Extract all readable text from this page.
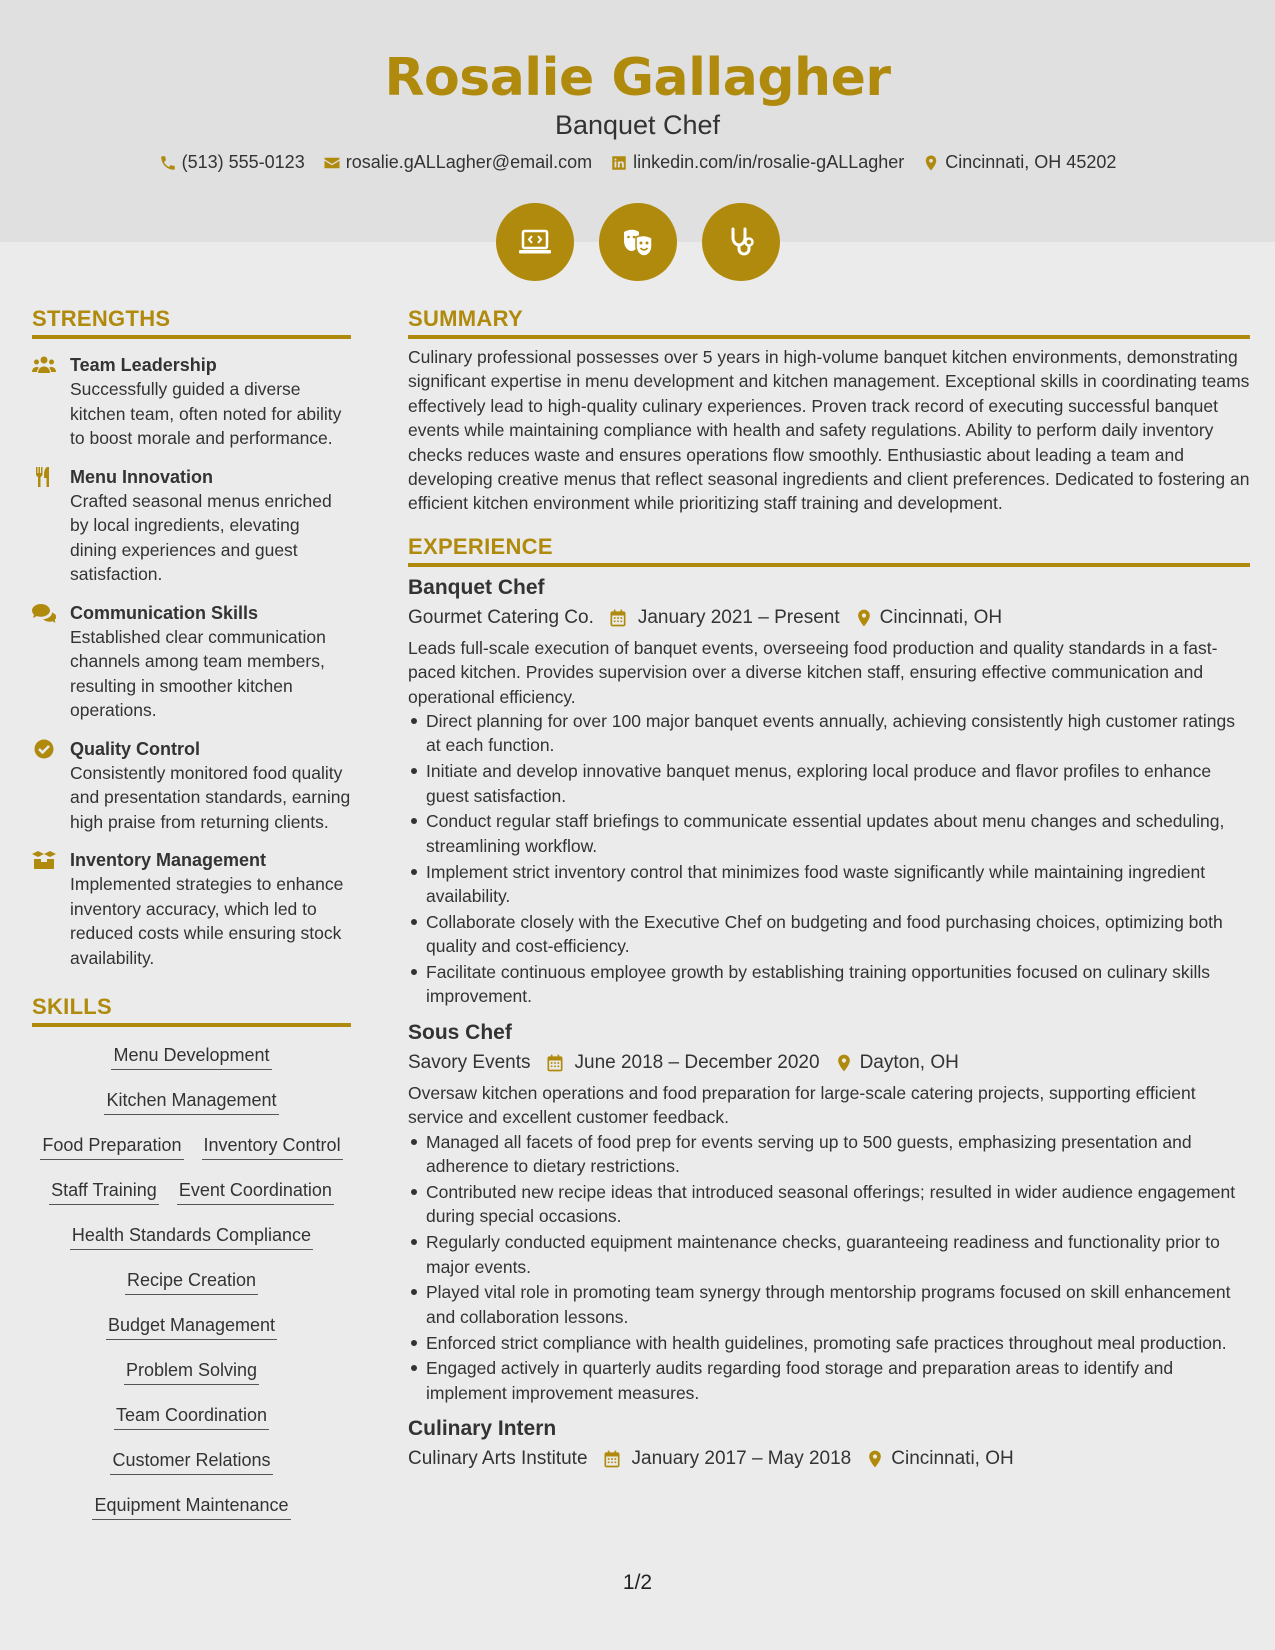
Rosalie Gallagher
Banquet Chef
(513) 555-0123 rosalie.gALLagher@email.com linkedin.com/in/rosalie-gALLagher Cincinnati, OH 45202
STRENGTHS
Team Leadership
Successfully guided a diverse kitchen team, often noted for ability to boost morale and performance.
Menu Innovation
Crafted seasonal menus enriched by local ingredients, elevating dining experiences and guest satisfaction.
Communication Skills
Established clear communication channels among team members, resulting in smoother kitchen operations.
Quality Control
Consistently monitored food quality and presentation standards, earning high praise from returning clients.
Inventory Management
Implemented strategies to enhance inventory accuracy, which led to reduced costs while ensuring stock availability.
SKILLS
Menu Development
Kitchen Management
Food Preparation Inventory Control
Staff Training Event Coordination
Health Standards Compliance
Recipe Creation
Budget Management
Problem Solving
Team Coordination
Customer Relations
Equipment Maintenance
SUMMARY
Culinary professional possesses over 5 years in high-volume banquet kitchen environments, demonstrating significant expertise in menu development and kitchen management. Exceptional skills in coordinating teams effectively lead to high-quality culinary experiences. Proven track record of executing successful banquet events while maintaining compliance with health and safety regulations. Ability to perform daily inventory checks reduces waste and ensures operations flow smoothly. Enthusiastic about leading a team and developing creative menus that reflect seasonal ingredients and client preferences. Dedicated to fostering an efficient kitchen environment while prioritizing staff training and development.
EXPERIENCE
Banquet Chef
Gourmet Catering Co. January 2021 – Present Cincinnati, OH
Leads full-scale execution of banquet events, overseeing food production and quality standards in a fast-paced kitchen. Provides supervision over a diverse kitchen staff, ensuring effective communication and operational efficiency.
Direct planning for over 100 major banquet events annually, achieving consistently high customer ratings at each function.
Initiate and develop innovative banquet menus, exploring local produce and flavor profiles to enhance guest satisfaction.
Conduct regular staff briefings to communicate essential updates about menu changes and scheduling, streamlining workflow.
Implement strict inventory control that minimizes food waste significantly while maintaining ingredient availability.
Collaborate closely with the Executive Chef on budgeting and food purchasing choices, optimizing both quality and cost-efficiency.
Facilitate continuous employee growth by establishing training opportunities focused on culinary skills improvement.
Sous Chef
Savory Events June 2018 – December 2020 Dayton, OH
Oversaw kitchen operations and food preparation for large-scale catering projects, supporting efficient service and excellent customer feedback.
Managed all facets of food prep for events serving up to 500 guests, emphasizing presentation and adherence to dietary restrictions.
Contributed new recipe ideas that introduced seasonal offerings; resulted in wider audience engagement during special occasions.
Regularly conducted equipment maintenance checks, guaranteeing readiness and functionality prior to major events.
Played vital role in promoting team synergy through mentorship programs focused on skill enhancement and collaboration lessons.
Enforced strict compliance with health guidelines, promoting safe practices throughout meal production.
Engaged actively in quarterly audits regarding food storage and preparation areas to identify and implement improvement measures.
Culinary Intern
Culinary Arts Institute January 2017 – May 2018 Cincinnati, OH
1/2
